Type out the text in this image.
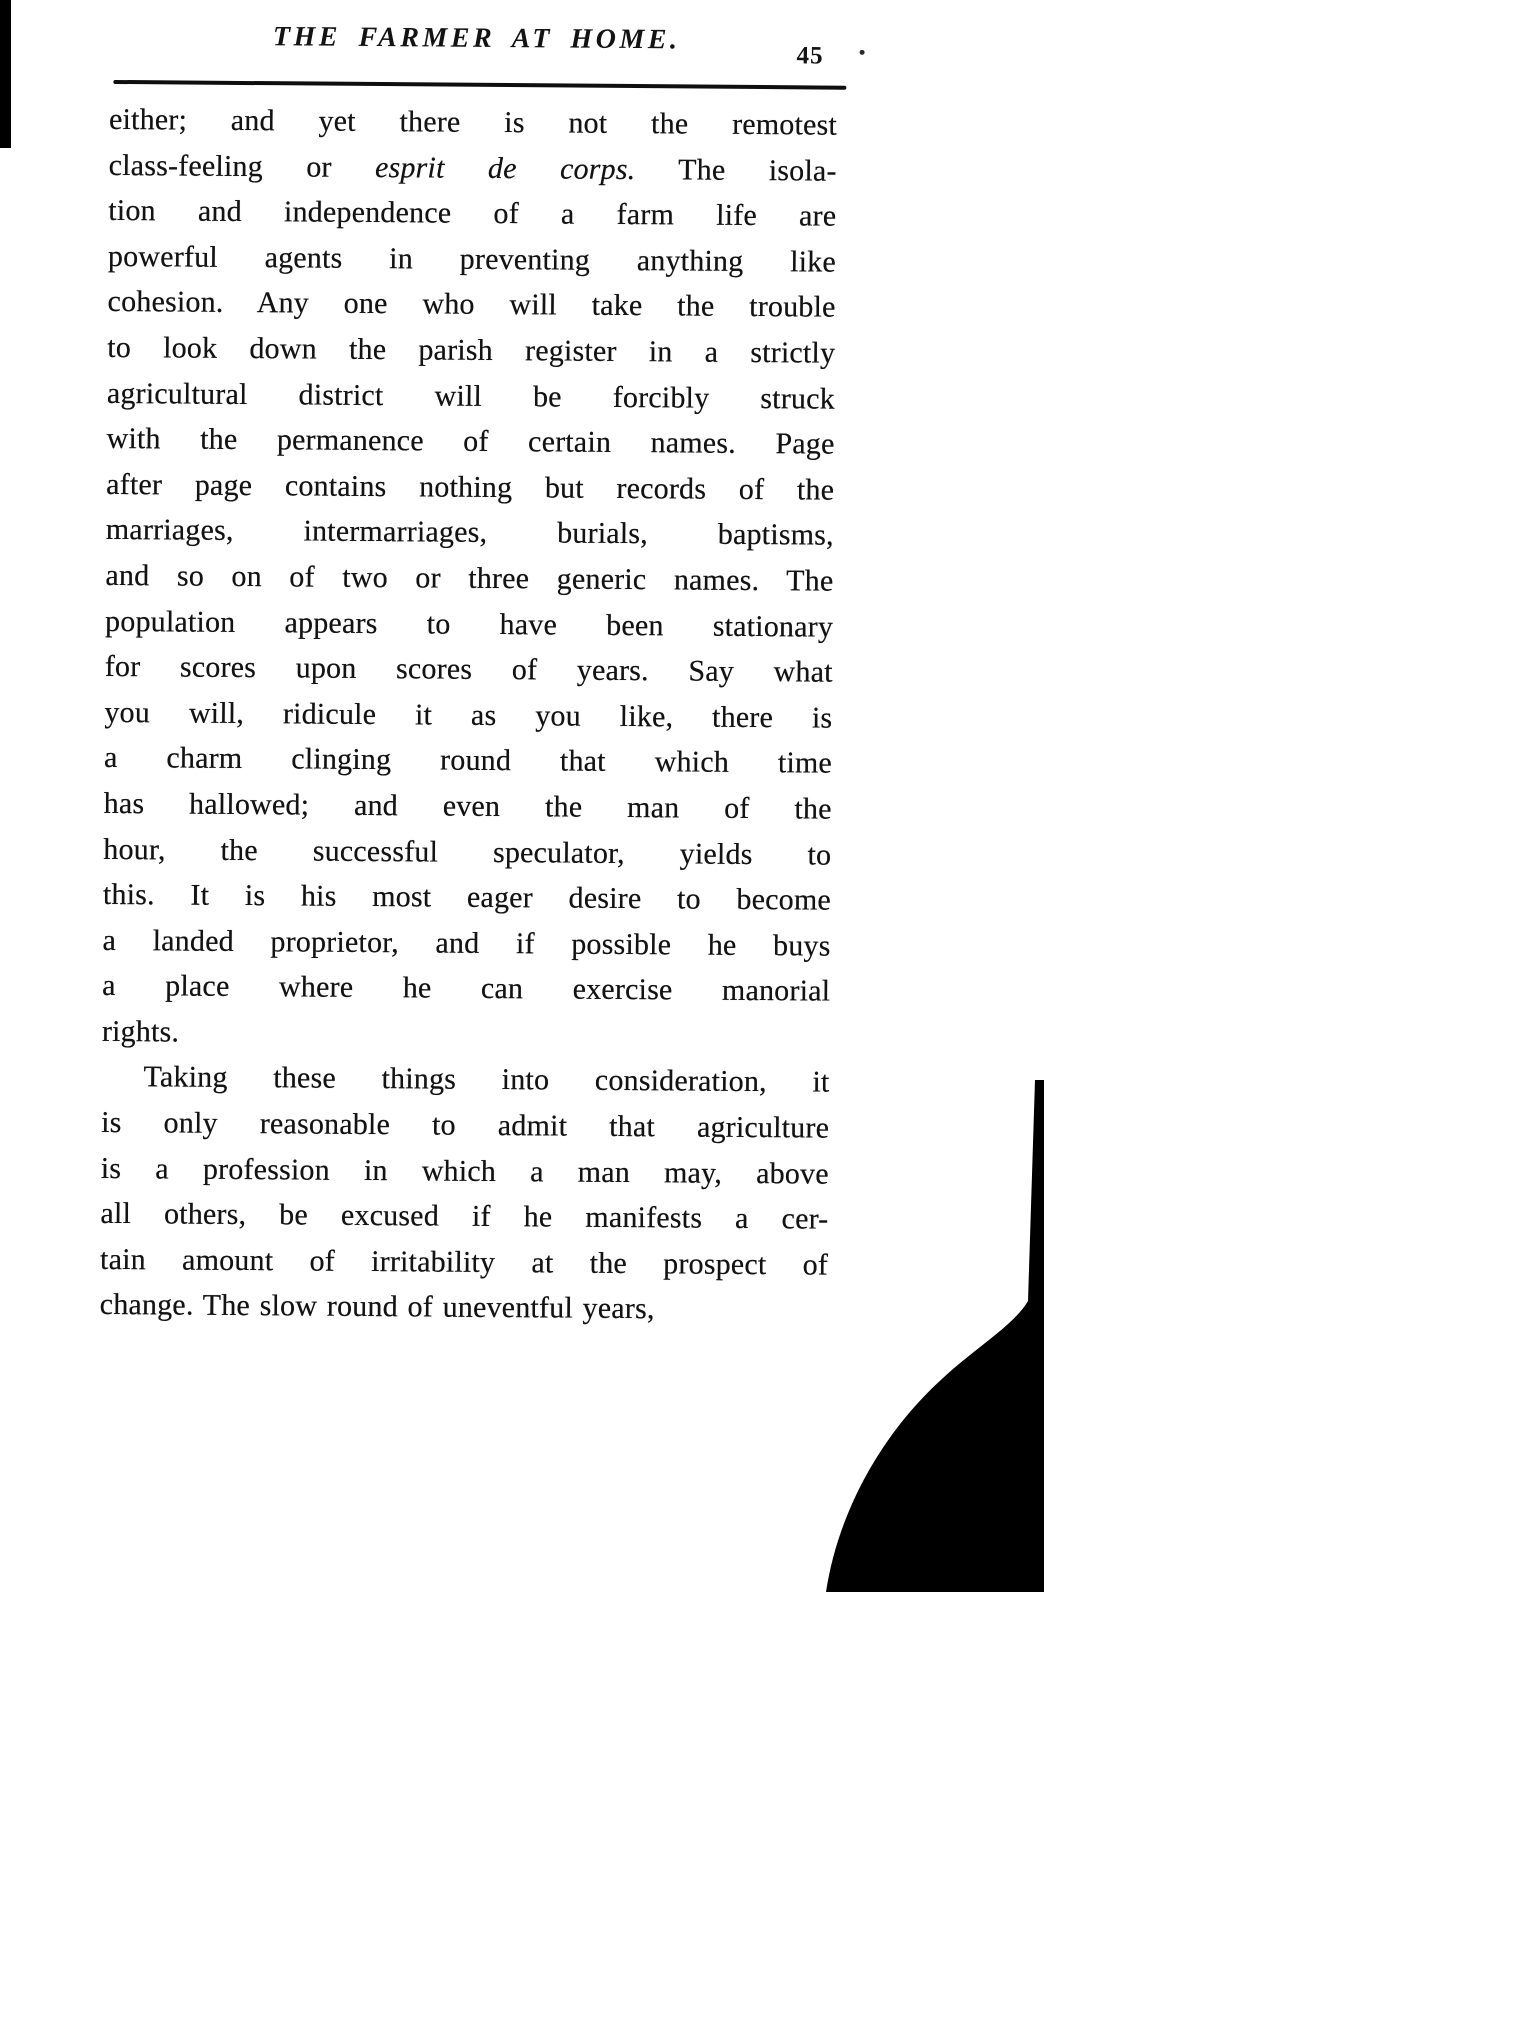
THE FARMER AT HOME.
45
either; and yet there is not the remotest
class-feeling or esprit de corps. The isola-
tion and independence of a farm life are
powerful agents in preventing anything like
cohesion. Any one who will take the trouble
to look down the parish register in a strictly
agricultural district will be forcibly struck
with the permanence of certain names. Page
after page contains nothing but records of the
marriages, intermarriages, burials, baptisms,
and so on of two or three generic names. The
population appears to have been stationary
for scores upon scores of years. Say what
you will, ridicule it as you like, there is
a charm clinging round that which time
has hallowed; and even the man of the
hour, the successful speculator, yields to
this. It is his most eager desire to become
a landed proprietor, and if possible he buys
a place where he can exercise manorial
rights.
Taking these things into consideration, it
is only reasonable to admit that agriculture
is a profession in which a man may, above
all others, be excused if he manifests a cer-
tain amount of irritability at the prospect of
change. The slow round of uneventful years,
